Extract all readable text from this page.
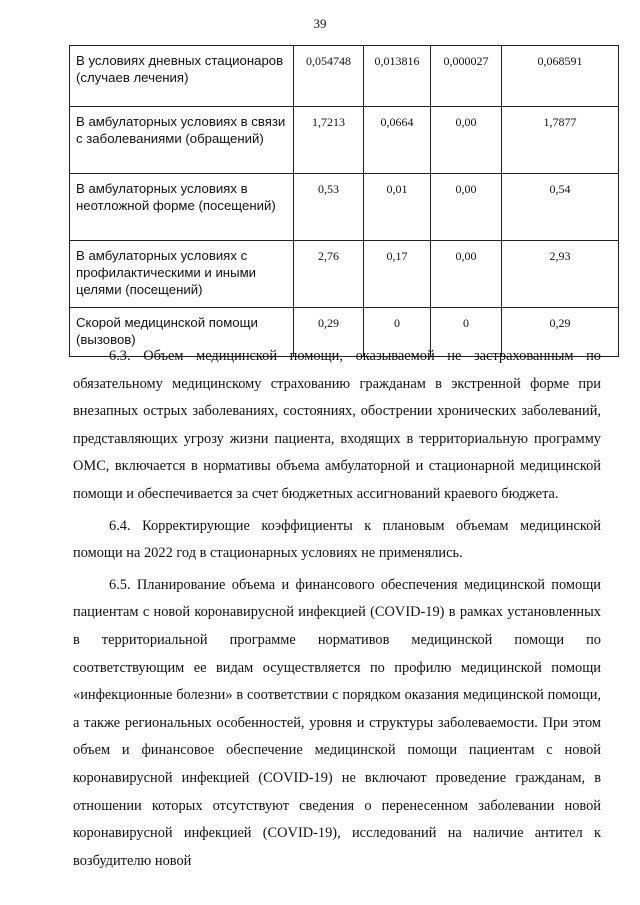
39
В условиях дневных стационаров (случаев лечения)	0,054748	0,013816	0,000027	0,068591
В амбулаторных условиях в связи с заболеваниями (обращений)	1,7213	0,0664	0,00	1,7877
В амбулаторных условиях в неотложной форме (посещений)	0,53	0,01	0,00	0,54
В амбулаторных условиях с профилактическими и иными целями (посещений)	2,76	0,17	0,00	2,93
Скорой медицинской помощи (вызовов)	0,29	0	0	0,29

6.3. Объем медицинской помощи, оказываемой не застрахованным по обязательному медицинскому страхованию гражданам в экстренной форме при внезапных острых заболеваниях, состояниях, обострении хронических заболеваний, представляющих угрозу жизни пациента, входящих в территориальную программу ОМС, включается в нормативы объема амбулаторной и стационарной медицинской помощи и обеспечивается за счет бюджетных ассигнований краевого бюджета.

6.4. Корректирующие коэффициенты к плановым объемам медицинской помощи на 2022 год в стационарных условиях не применялись.

6.5. Планирование объема и финансового обеспечения медицинской помощи пациентам с новой коронавирусной инфекцией (COVID-19) в рамках установленных в территориальной программе нормативов медицинской помощи по соответствующим ее видам осуществляется по профилю медицинской помощи «инфекционные болезни» в соответствии с порядком оказания медицинской помощи, а также региональных особенностей, уровня и структуры заболеваемости. При этом объем и финансовое обеспечение медицинской помощи пациентам с новой коронавирусной инфекцией (COVID-19) не включают проведение гражданам, в отношении которых отсутствуют сведения о перенесенном заболевании новой коронавирусной инфекцией (COVID-19), исследований на наличие антител к возбудителю новой
